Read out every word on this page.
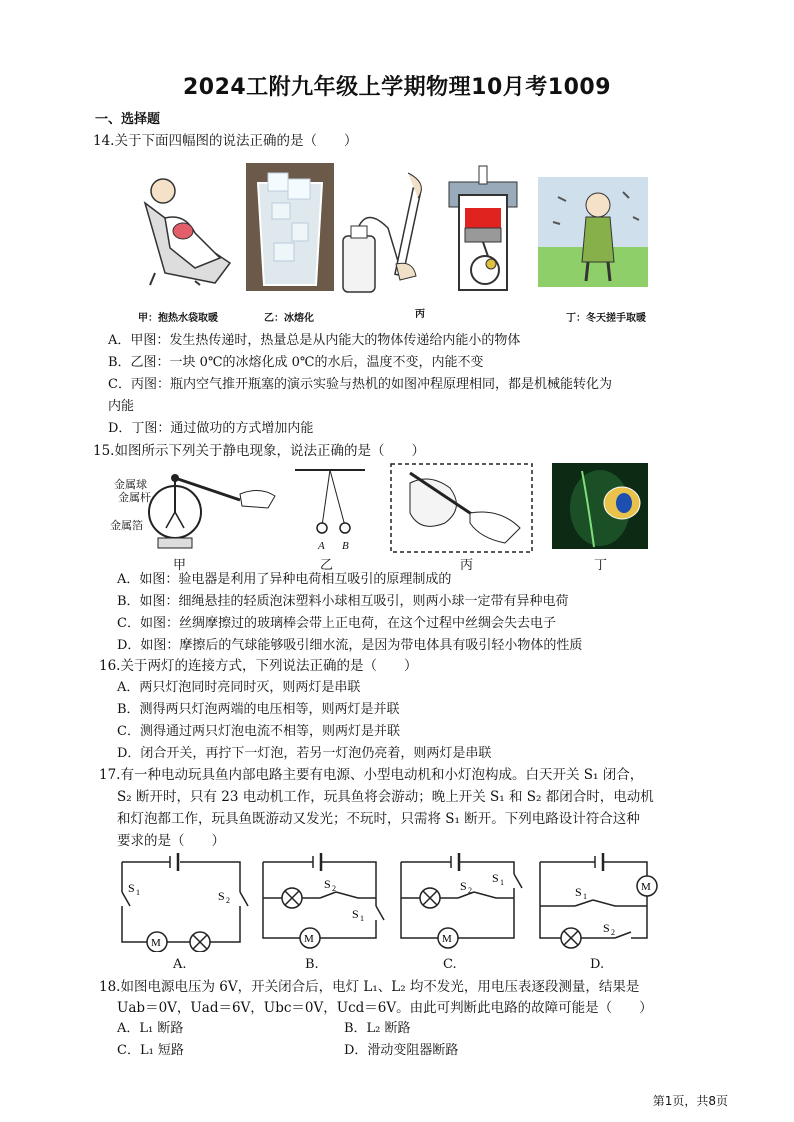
2024工附九年级上学期物理10月考1009
一、选择题
14.关于下面四幅图的说法正确的是（　　）
甲：抱热水袋取暖	乙：冰熔化	丙	丁：冬天搓手取暖
A．甲图：发生热传递时，热量总是从内能大的物体传递给内能小的物体
B．乙图：一块 0℃的冰熔化成 0℃的水后，温度不变，内能不变
C．丙图：瓶内空气推开瓶塞的演示实验与热机的如图冲程原理相同，都是机械能转化为
内能
D．丁图：通过做功的方式增加内能
15.如图所示下列关于静电现象，说法正确的是（　　）
金属球
金属杆
金属箔
A B
甲	乙	丙	丁
A．如图：验电器是利用了异种电荷相互吸引的原理制成的
B．如图：细绳悬挂的轻质泡沫塑料小球相互吸引，则两小球一定带有异种电荷
C．如图：丝绸摩擦过的玻璃棒会带上正电荷，在这个过程中丝绸会失去电子
D．如图：摩擦后的气球能够吸引细水流，是因为带电体具有吸引轻小物体的性质
16.关于两灯的连接方式，下列说法正确的是（　　）
A．两只灯泡同时亮同时灭，则两灯是串联
B．测得两只灯泡两端的电压相等，则两灯是并联
C．测得通过两只灯泡电流不相等，则两灯是并联
D．闭合开关，再拧下一灯泡，若另一灯泡仍亮着，则两灯是串联
17.有一种电动玩具鱼内部电路主要有电源、小型电动机和小灯泡构成。白天开关 S₁ 闭合，
S₂ 断开时，只有 23 电动机工作，玩具鱼将会游动；晚上开关 S₁ 和 S₂ 都闭合时，电动机
和灯泡都工作，玩具鱼既游动又发光；不玩时，只需将 S₁ 断开。下列电路设计符合这种
要求的是（　　）
S 1	S 2
M
S 2
S 1
M
S 2
S 1
M
S 1
S 2
M
A.	B.	C.	D.
18.如图电源电压为 6V，开关闭合后，电灯 L₁、L₂ 均不发光，用电压表逐段测量，结果是
Uab＝0V，Uad＝6V，Ubc＝0V，Ucd＝6V。由此可判断此电路的故障可能是（　　）
A．L₁ 断路	B．L₂ 断路
C．L₁ 短路	D．滑动变阻器断路
第1页，共8页
